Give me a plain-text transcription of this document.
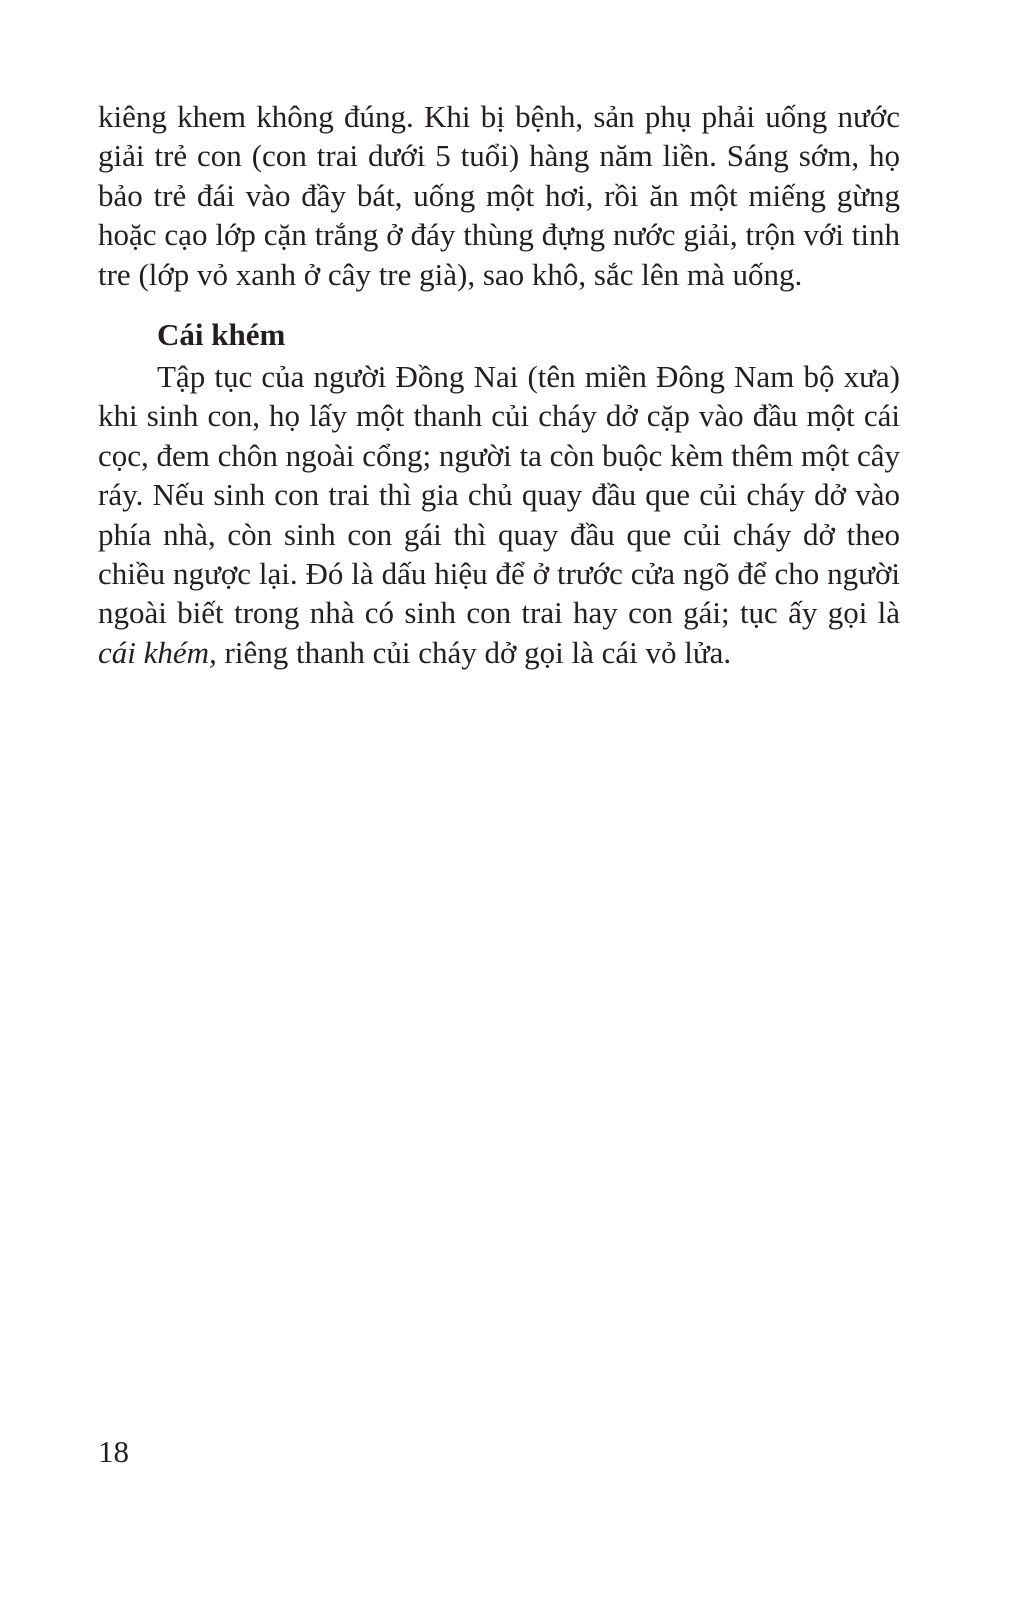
kiêng khem không đúng. Khi bị bệnh, sản phụ phải uống nước giải trẻ con (con trai dưới 5 tuổi) hàng năm liền. Sáng sớm, họ bảo trẻ đái vào đầy bát, uống một hơi, rồi ăn một miếng gừng hoặc cạo lớp cặn trắng ở đáy thùng đựng nước giải, trộn với tinh tre (lớp vỏ xanh ở cây tre già), sao khô, sắc lên mà uống.

Cái khém

Tập tục của người Đồng Nai (tên miền Đông Nam bộ xưa) khi sinh con, họ lấy một thanh củi cháy dở cặp vào đầu một cái cọc, đem chôn ngoài cổng; người ta còn buộc kèm thêm một cây ráy. Nếu sinh con trai thì gia chủ quay đầu que củi cháy dở vào phía nhà, còn sinh con gái thì quay đầu que củi cháy dở theo chiều ngược lại. Đó là dấu hiệu để ở trước cửa ngõ để cho người ngoài biết trong nhà có sinh con trai hay con gái; tục ấy gọi là cái khém, riêng thanh củi cháy dở gọi là cái vỏ lửa.

18
